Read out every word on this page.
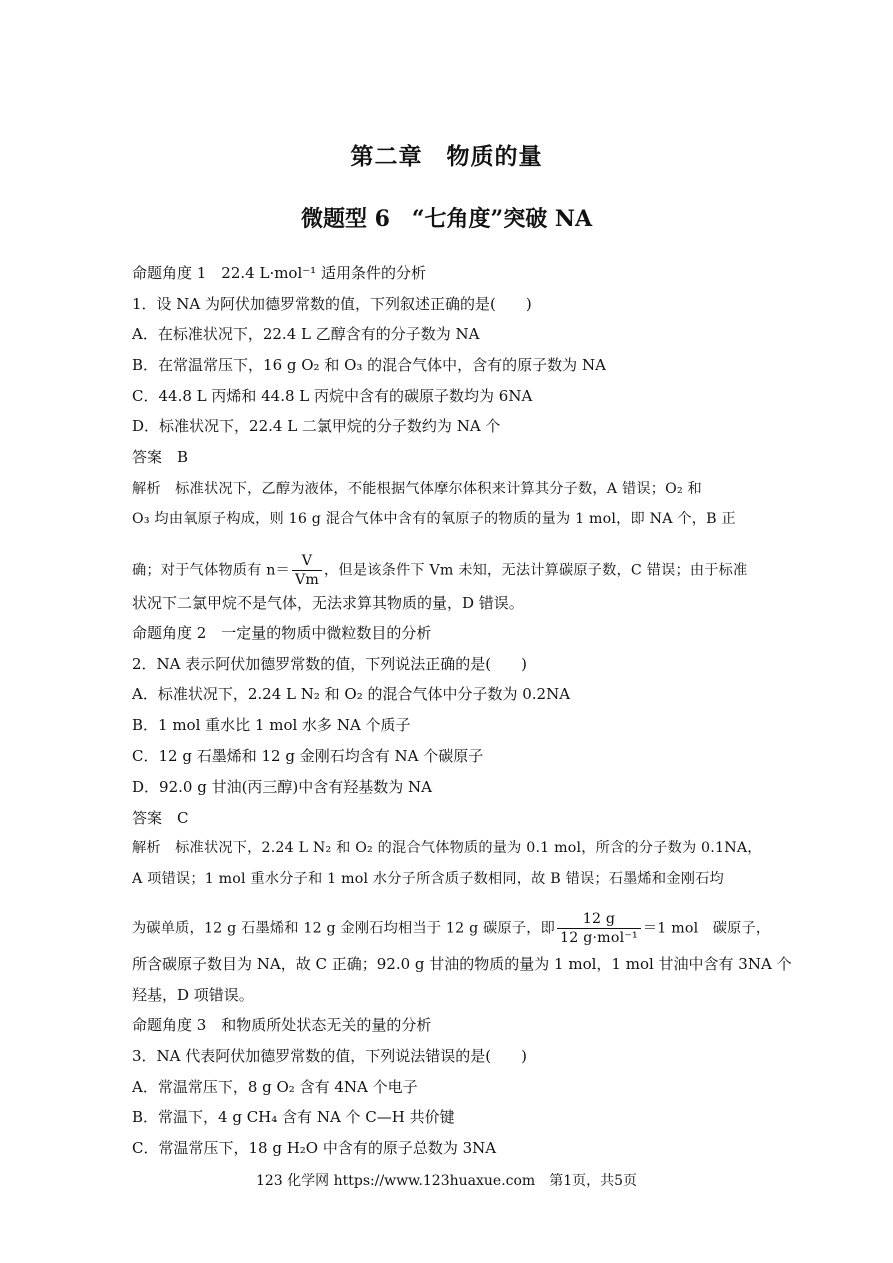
第二章　物质的量
微题型 6　“七角度”突破 NA
命题角度 1　22.4 L·mol⁻¹ 适用条件的分析
1．设 NA 为阿伏加德罗常数的值，下列叙述正确的是(　　)
A．在标准状况下，22.4 L 乙醇含有的分子数为 NA
B．在常温常压下，16 g O₂ 和 O₃ 的混合气体中，含有的原子数为 NA
C．44.8 L 丙烯和 44.8 L 丙烷中含有的碳原子数均为 6NA
D．标准状况下，22.4 L 二氯甲烷的分子数约为 NA 个
答案　B
解析　标准状况下，乙醇为液体，不能根据气体摩尔体积来计算其分子数，A 错误；O₂ 和
O₃ 均由氧原子构成，则 16 g 混合气体中含有的氧原子的物质的量为 1 mol，即 NA 个，B 正
状况下二氯甲烷不是气体，无法求算其物质的量，D 错误。
命题角度 2　一定量的物质中微粒数目的分析
2．NA 表示阿伏加德罗常数的值，下列说法正确的是(　　)
A．标准状况下，2.24 L N₂ 和 O₂ 的混合气体中分子数为 0.2NA
B．1 mol 重水比 1 mol 水多 NA 个质子
C．12 g 石墨烯和 12 g 金刚石均含有 NA 个碳原子
D．92.0 g 甘油(丙三醇)中含有羟基数为 NA
答案　C
解析　标准状况下，2.24 L N₂ 和 O₂ 的混合气体物质的量为 0.1 mol，所含的分子数为 0.1NA，
A 项错误；1 mol 重水分子和 1 mol 水分子所含质子数相同，故 B 错误；石墨烯和金刚石均
所含碳原子数目为 NA，故 C 正确；92.0 g 甘油的物质的量为 1 mol，1 mol 甘油中含有 3NA 个
羟基，D 项错误。
命题角度 3　和物质所处状态无关的量的分析
3．NA 代表阿伏加德罗常数的值，下列说法错误的是(　　)
A．常温常压下，8 g O₂ 含有 4NA 个电子
B．常温下，4 g CH₄ 含有 NA 个 C—H 共价键
C．常温常压下，18 g H₂O 中含有的原子总数为 3NA
确；对于气体物质有 $n= \frac{V}{Vm}$ ，但是该条件下 Vm 未知，无法计算碳原子数，C 错误；由于标准
为碳单质，12 g 石墨烯和 12 g 金刚石均相当于 12 g 碳原子，即 $\frac{12 g}{\text{12 g·mol⁻¹}} =1$ mol　碳原子，
123 化学网 https://www.123huaxue.com　第1页，共5页
